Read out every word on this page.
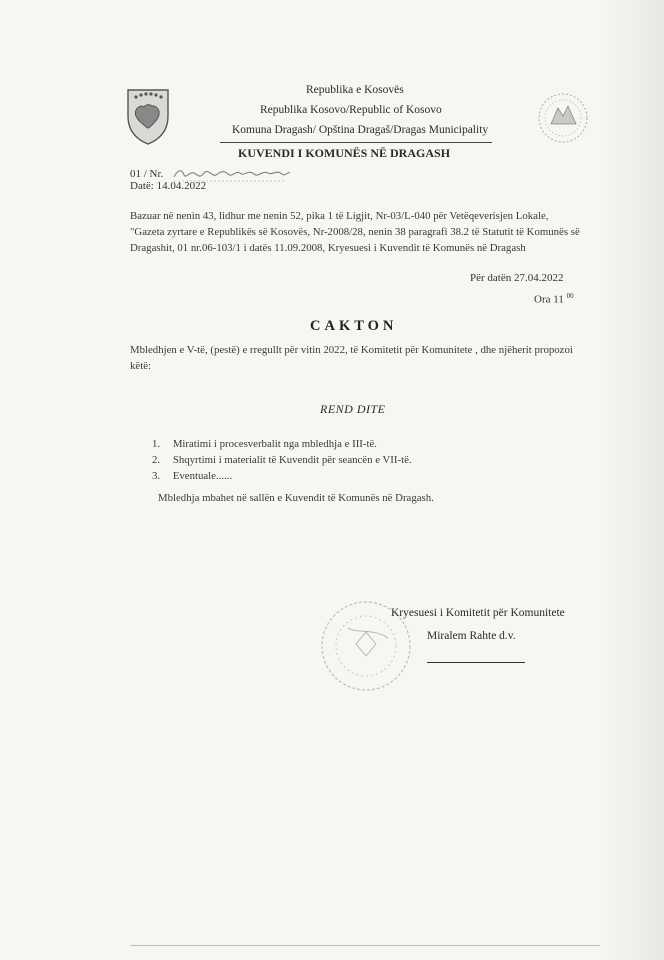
Republika e Kosovës
Republika Kosovo/Republic of Kosovo
Komuna Dragash/ Opština Dragaš/Dragas Municipality
KUVENDI I KOMUNËS NË DRAGASH
01 / Nr.
Datë: 14.04.2022
Bazuar në nenin 43, lidhur me nenin 52, pika 1 të Ligjit, Nr-03/L-040 për Vetëqeverisjen Lokale, "Gazeta zyrtare e Republikës së Kosovës, Nr-2008/28, nenin 38 paragrafi 38.2 të Statutit të Komunës së Dragashit, 01 nr.06-103/1 i datës 11.09.2008, Kryesuesi i Kuvendit të Komunës në Dragash
Për datën 27.04.2022
Ora 11 $^{00}$
CAKTON
Mbledhjen e V-të, (pestë) e rregullt për vitin 2022, të Komitetit për Komunitete , dhe njëherit propozoi këtë:
REND DITE
1. Miratimi i procesverbalit nga mbledhja e III-të.
2. Shqyrtimi i materialit të Kuvendit për seancën e VII-të.
3. Eventuale......
Mbledhja mbahet në sallën e Kuvendit të Komunës në Dragash.
Kryesuesi i Komitetit për Komunitete
Miralem Rahte d.v.
